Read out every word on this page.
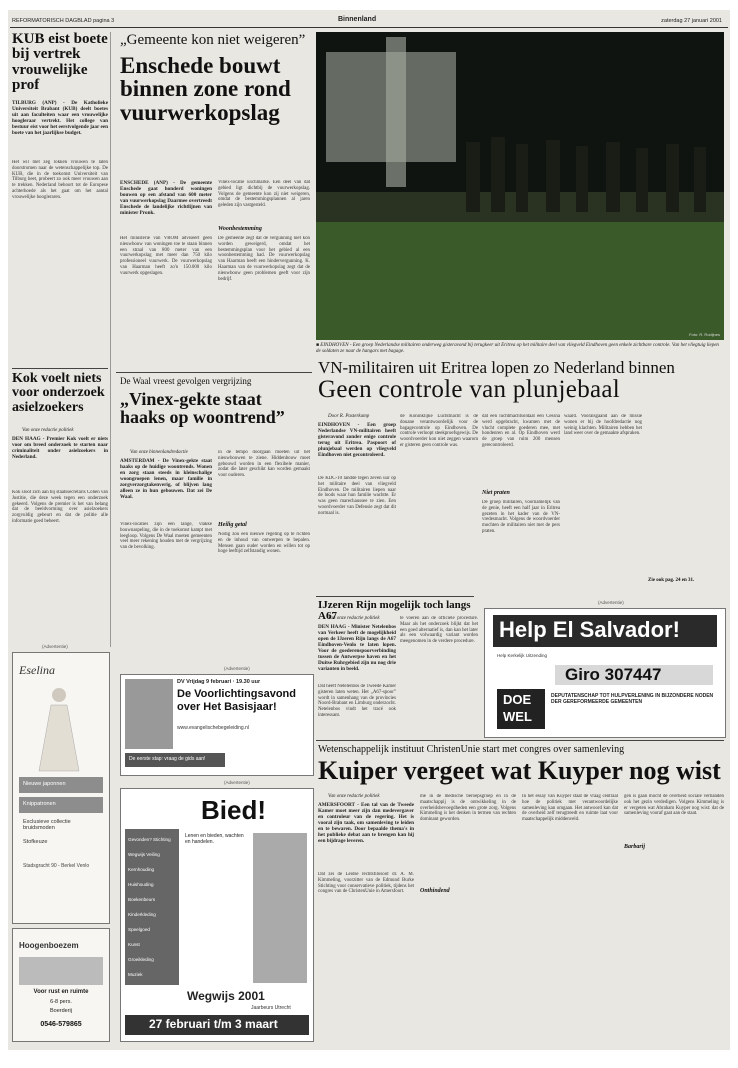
REFORMATORISCH DAGBLAD pagina 3	Binnenland	zaterdag 27 januari 2001
KUB eist boete bij vertrek vrouwelijke prof
TILBURG (ANP) - De Katholieke Universiteit Brabant (KUB) deelt boetes uit aan faculteiten waar een vrouwelijke hoogleraar vertrekt. Het college van bestuur eist voor het eerstvolgende jaar een boete van het jaarlijkse budget.
Het wil met zeg lokken vrouwen te laten doorstromen naar de wetenschappelijke top. De KUB, die in de toekomst Universiteit van Tilburg heet, probeert zo ook meer vrouwen aan te trekken. Nederland behoort tot de Europese achterhoede als het gaat om het aantal vrouwelijke hoogleraren.
Kok voelt niets voor onderzoek asielzoekers
Van onze redactie politiek
DEN HAAG - Premier Kok voelt er niets voor om breed onderzoek te starten naar criminaliteit onder asielzoekers in Nederland.
Kok sloot zich aan bij staatssecretaris Cohen van Justitie, die deze week tegen een onderzoek gekeerd. Volgens de premier is het van belang dat de beeldvorming over asielzoekers zorgvuldig gebeurt en dat de politie alle informatie goed beheert.
„Gemeente kon niet weigeren”
Enschede bouwt binnen zone rond vuurwerkopslag
ENSCHEDE (ANP) - De gemeente Enschede gaat honderd woningen bouwen op een afstand van 600 meter van vuurwerkopslag Daarmee overtreedt Enschede de landelijke richtlijnen van minister Pronk.
Het ministerie van VROM adviseert geen nieuwbouw van woningen toe te staan binnen een straal van 800 meter van een vuurwerkopslag met meer dan 750 kilo professioneel vuurwerk. De vuurwerkopslag van Haarman heeft zo'n 150.000 kilo vuurwerk opgeslagen.
Vinex-locatie Eschmarke. Een deel van dat gebied ligt dichtbij de vuurwerkopslag. Volgens de gemeente kon zij niet weigeren, omdat de bestemmingsplannen al jaren geleden zijn vastgesteld.
Woonbestemming
De gemeente zegt dat de vergunning niet kon worden geweigerd, omdat het bestemmingsplan voor het gebied al een woonbestemming had. De vuurwerkopslag van Haarman heeft een hindervergunning. K. Haarman van de vuurwerkopslag zegt dat de nieuwbouw geen problemen geeft voor zijn bedrijf.
Foto: R. Rodijnes
■ EINDHOVEN - Een groep Nederlandse militairen onderweg gisteravond bij terugkeer uit Eritrea op het militaire deel van vliegveld Eindhoven geen enkele zichtbare controle. Van het vliegtuig liepen de soldaten ze naar de hangars met bagage.
De Waal vreest gevolgen vergrijzing
„Vinex-gekte staat haaks op woontrend”
Van onze binnenlandredactie
AMSTERDAM - De Vinex-gekte staat haaks op de huidige woontrends. Wonen en zorg staan steeds in kleinschalige woongroepen lenen, maar familie in zorgverzorgtakenverig, of blijven lang alleen ze in hun gebouwen. Dat zei De Waal.
Vinex-locaties zijn een lange, vlakke bouwnaspeling, die in de toekomst kampt met leegloop. Volgens De Waal moeten gemeenten veel meer rekening houden met de vergrijzing van de bevolking.
in de tempo doorgaan moeten uit het nieuwbouwen te ziene. Hiddenbouw moet gebouwd worden in een flexibele manier, zodat die later geschikt kan worden gemaakt voor ouderen.
Heilig getal
Nodig zou een nieuwe regeling op te richten en de inhoud van ontwerpen te bepalen. Mensen gaan ouder worden en willen tot op hoge leeftijd zelfstandig wonen.
VN-militairen uit Eritrea lopen zo Nederland binnen
Geen controle van plunjebaal
Door R. Pasterkamp
EINDHOVEN - Een groep Nederlandse VN-militairen heeft gisteravond zonder enige controle terug uit Eritrea. Paspoort of plunjebaal werden op vliegveld Eindhoven niet gecontroleerd.
De KDC-10 landde tegen zeven uur op het militaire deel van vliegveld Eindhoven. De militairen liepen naar de loods waar hun familie wachtte. Er was geen marechaussee te zien. Een woordvoerder van Defensie zegt dat dit normaal is.
de Koninklijke Luchtmacht is de douane verantwoordelijk voor de bagagecontrole op Eindhoven. De controle verloopt steekproefsgewijs. De woordvoerder kon niet zeggen waarom er gisteren geen controle was.
dat een luchtmachtsoldaat een Cessna werd opgebracht, kwamen met de vlucht complete goederen mee, met hondenren en al. Op Eindhoven werd de groep van ruim 200 mensen gerecontroleerd.
Niet praten
De groep militairen, voornamelijk van de genie, heeft een half jaar in Eritrea gezeten in het kader van de VN-vredesmacht. Volgens de woordvoerder mochten de militairen niet met de pers praten.
waard. Vooralsgaand aan de missie wonen er bij de hoofdredactie nog weinig klachten. Militairen hebben het land weer over de gemaakte afspraken.
Zie ook pag. 24 en 31.
IJzeren Rijn mogelijk toch langs A67
Van onze redactie politiek
DEN HAAG - Minister Netelenbos van Verkeer heeft de mogelijkheid open de IJzeren Rijn langs de A67 Eindhoven-Venlo te laten lopen. Voor de goederenspoorverbinding tussen de Antwerpse haven en het Duitse Ruhrgebied zijn nu nog drie varianten in beeld.
Dat heeft Netelenbos de Tweede Kamer gisteren laten weten. Het „A67-spoor” wordt in samenhang van de provincies Noord-Brabant en Limburg onderzocht. Netelenbos vindt het tracé ook interessant.
te voeren aan de officiële procedure. Maar als het onderzoek blijkt dat het een goed alternatief is, dan kan het later als een volwaardig variant worden meegenomen in de verdere procedure.
(Advertentie)
Help El Salvador!
Help Kerkelijk Uitzending
Giro 307447
DOE
WEL
DEPUTATENSCHAP TOT HULPVERLENING IN BIJZONDERE NODEN DER GEREFORMEERDE GEMEENTEN
(Advertentie)
Eselina
Nieuwe japonnen
Knippatronen
Exclusieve collectie bruidsmoden
Stofkeuze
Stadsgracht 90 - Berkel Venlo
Hoogenboezem
Voor rust en ruimte
6-8 pers.
Boerderij
0546-579865
(Advertentie)
DV Vrijdag 9 februari · 19.30 uur
De Voorlichtingsavond
over Het Basisjaar!
www.evangelischebegeleiding.nl
De eerste stap: vraag de gids aan!
(Advertentie)
Bied!
Gevonden? Stichting
Wegwijs Veiling
Kernhouding
Huishouding
Boekenbeurs
Kinderkleding
Speelgoed
Kunst
Groeikleding
Muziek
Lenen en bieden, wachten en handelen.
Wegwijs 2001
Jaarbeurs Utrecht
27 februari t/m 3 maart
Wetenschappelijk instituut ChristenUnie start met congres over samenleving
Kuiper vergeet wat Kuyper nog wist
Van onze redactie politiek
AMERSFOORT - Een tal van de Tweede Kamer moet meer zijn dan medevergaver en controleur van de regering. Het is vooral zijn taak, om samenleving te leiden en te bewaren. Door bepaalde thema's in het publieke debat aan te brengen kan hij een bijdrage leveren.
Dat zei de Leidse rechtsfilosoof dr. A. M. Kimmeling, voorzitter van de Edmund Burke Stichting voor conservatieve politiek, tijdens het congres van de ChristenUnie in Amersfoort.
me in de medische beroepsgroep en in de maatschappij is de ontwikkeling in de overheidsbevoegdheden een grote zorg. Volgens Kimmeling is het denken in termen van rechten dominant geworden.
Onthindend
In het essay van Kuyper staat de vraag centraal hoe de politiek met verantwoordelijke samenleving kan omgaan. Het antwoord kan dat de overheid zelf terugtreedt en ruimte laat voor maatschappelijk middenveld.
Barbarij
gen is gaan mocht de overheid sociale verbanden ook het gezin verdedigen. Volgens Kimmeling is er vergeten wat Abraham Kuyper nog wist: dat de samenleving vooraf gaat aan de staat.
